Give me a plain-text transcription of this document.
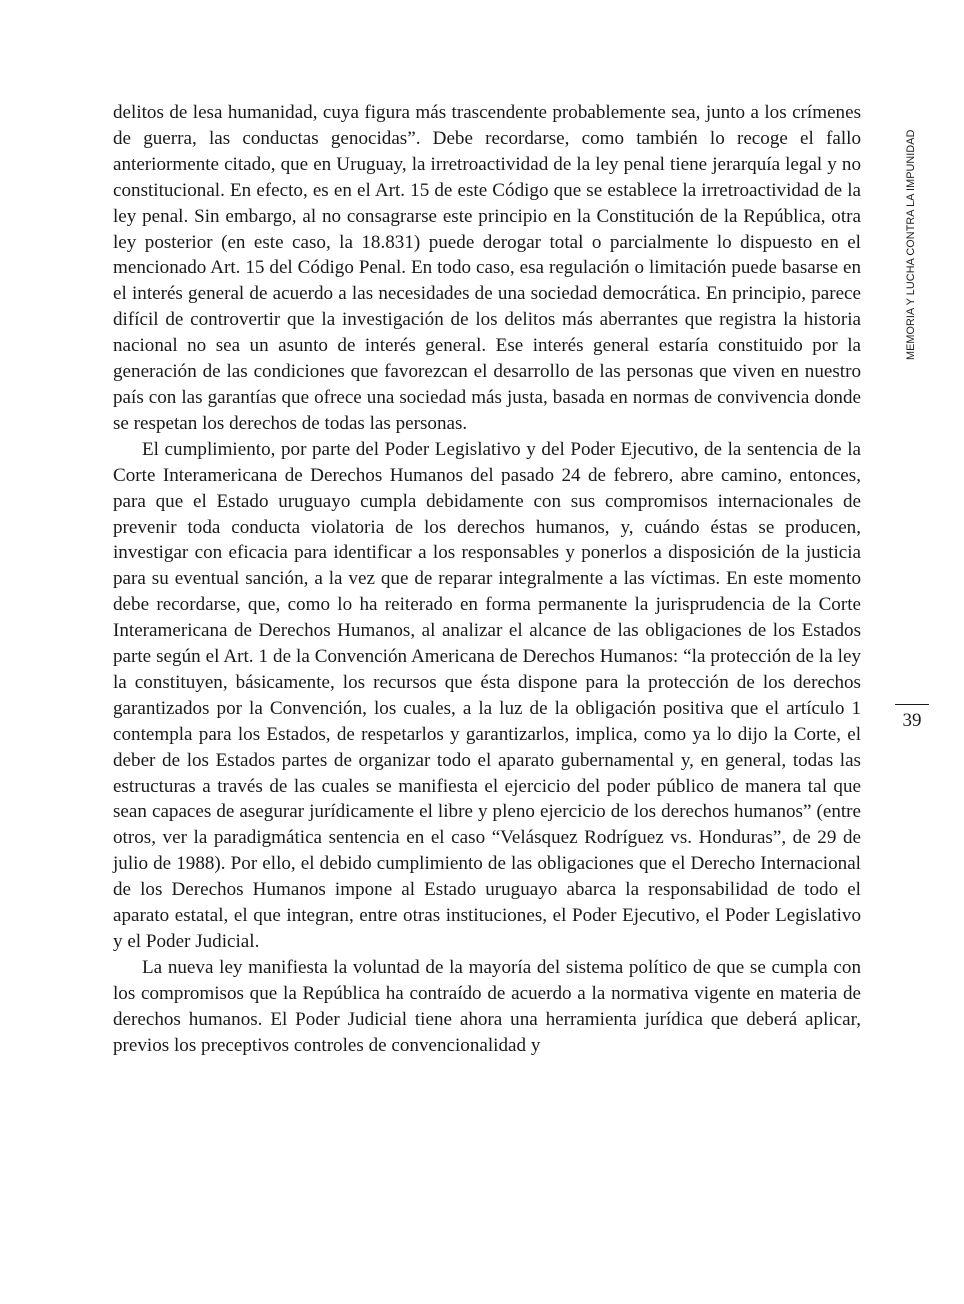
delitos de lesa humanidad, cuya figura más trascendente probablemente sea, junto a los crímenes de guerra, las conductas genocidas”. Debe recordarse, como también lo recoge el fallo anteriormente citado, que en Uruguay, la irretroactividad de la ley penal tiene jerarquía legal y no constitucional. En efecto, es en el Art. 15 de este Código que se establece la irretroactividad de la ley penal. Sin embargo, al no consagrarse este principio en la Constitución de la República, otra ley posterior (en este caso, la 18.831) puede derogar total o parcialmente lo dispuesto en el mencionado Art. 15 del Código Penal. En todo caso, esa regulación o limitación puede basarse en el interés general de acuerdo a las necesidades de una sociedad democrática. En principio, parece difícil de controvertir que la investigación de los delitos más aberrantes que registra la historia nacional no sea un asunto de interés general. Ese interés general estaría constituido por la generación de las condiciones que favorezcan el desarrollo de las personas que viven en nuestro país con las garantías que ofrece una sociedad más justa, basada en normas de convivencia donde se respetan los derechos de todas las personas.

El cumplimiento, por parte del Poder Legislativo y del Poder Ejecutivo, de la sentencia de la Corte Interamericana de Derechos Humanos del pasado 24 de febrero, abre camino, entonces, para que el Estado uruguayo cumpla debidamente con sus compromisos internacionales de prevenir toda conducta violatoria de los derechos humanos, y, cuándo éstas se producen, investigar con eficacia para identificar a los responsables y ponerlos a disposición de la justicia para su eventual sanción, a la vez que de reparar integralmente a las víctimas. En este momento debe recordarse, que, como lo ha reiterado en forma permanente la jurisprudencia de la Corte Interamericana de Derechos Humanos, al analizar el alcance de las obligaciones de los Estados parte según el Art. 1 de la Convención Americana de Derechos Humanos: “la protección de la ley la constituyen, básicamente, los recursos que ésta dispone para la protección de los derechos garantizados por la Convención, los cuales, a la luz de la obligación positiva que el artículo 1 contempla para los Estados, de respetarlos y garantizarlos, implica, como ya lo dijo la Corte, el deber de los Estados partes de organizar todo el aparato gubernamental y, en general, todas las estructuras a través de las cuales se manifiesta el ejercicio del poder público de manera tal que sean capaces de asegurar jurídicamente el libre y pleno ejercicio de los derechos humanos” (entre otros, ver la paradigmática sentencia en el caso “Velásquez Rodríguez vs. Honduras”, de 29 de julio de 1988). Por ello, el debido cumplimiento de las obligaciones que el Derecho Internacional de los Derechos Humanos impone al Estado uruguayo abarca la responsabilidad de todo el aparato estatal, el que integran, entre otras instituciones, el Poder Ejecutivo, el Poder Legislativo y el Poder Judicial.

La nueva ley manifiesta la voluntad de la mayoría del sistema político de que se cumpla con los compromisos que la República ha contraído de acuerdo a la normativa vigente en materia de derechos humanos. El Poder Judicial tiene ahora una herramienta jurídica que deberá aplicar, previos los preceptivos controles de convencionalidad y

MEMORIA Y LUCHA CONTRA LA IMPUNIDAD
39
